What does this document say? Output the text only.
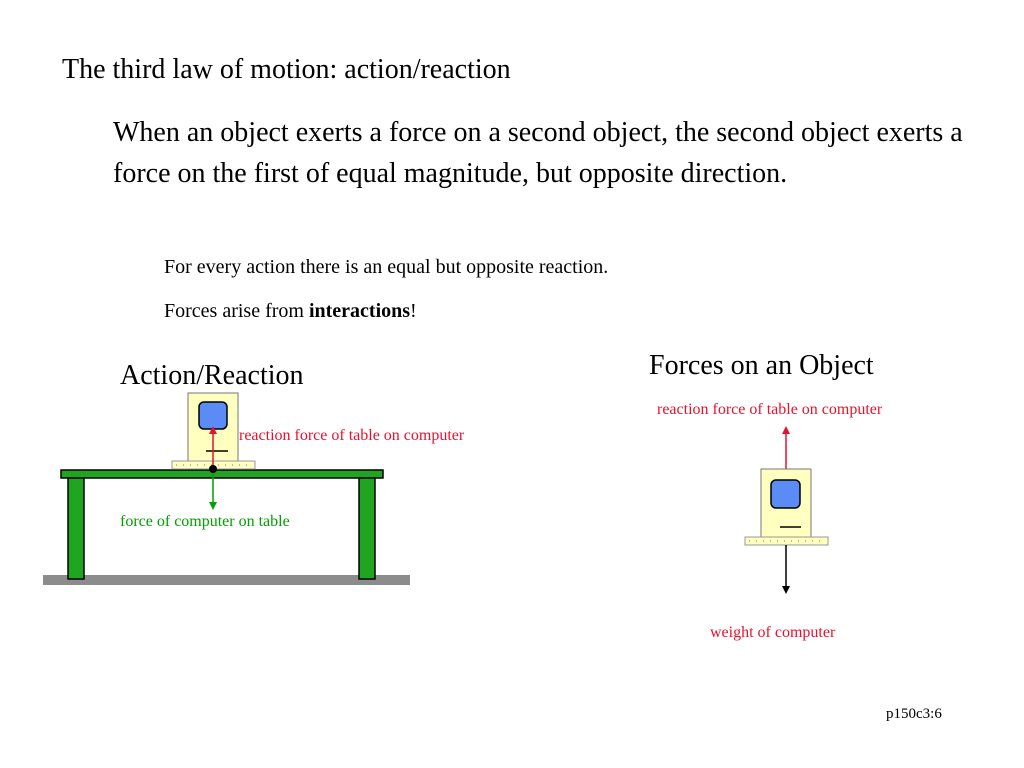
The third law of motion: action/reaction
When an object exerts a force on a second object, the second object exerts a force on the first of equal magnitude, but opposite direction.
For every action there is an equal but opposite reaction.
Forces arise from interactions!
Action/Reaction	Forces on an Object
reaction force of table on computer
force of computer on table
reaction force of table on computer
weight of computer
p150c3:6
